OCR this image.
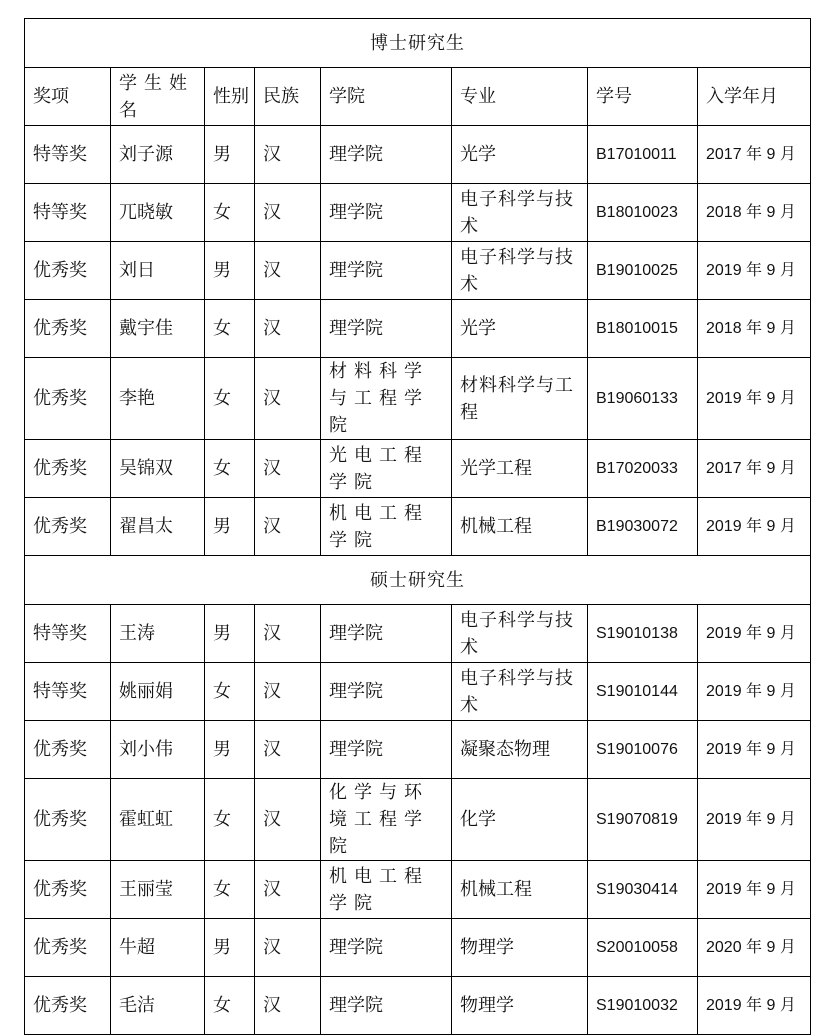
博士研究生							
奖项	学生姓名	性别	民族	学院	专业	学号	入学年月
特等奖	刘子源	男	汉	理学院	光学	B17010011	2017 年 9 月
特等奖	兀晓敏	女	汉	理学院	电子科学与技术	B18010023	2018 年 9 月
优秀奖	刘日	男	汉	理学院	电子科学与技术	B19010025	2019 年 9 月
优秀奖	戴宇佳	女	汉	理学院	光学	B18010015	2018 年 9 月
优秀奖	李艳	女	汉	材料科学与工程学院	材料科学与工程	B19060133	2019 年 9 月
优秀奖	吴锦双	女	汉	光电工程学院	光学工程	B17020033	2017 年 9 月
优秀奖	翟昌太	男	汉	机电工程学院	机械工程	B19030072	2019 年 9 月
硕士研究生							
特等奖	王涛	男	汉	理学院	电子科学与技术	S19010138	2019 年 9 月
特等奖	姚丽娟	女	汉	理学院	电子科学与技术	S19010144	2019 年 9 月
优秀奖	刘小伟	男	汉	理学院	凝聚态物理	S19010076	2019 年 9 月
优秀奖	霍虹虹	女	汉	化学与环境工程学院	化学	S19070819	2019 年 9 月
优秀奖	王丽莹	女	汉	机电工程学院	机械工程	S19030414	2019 年 9 月
优秀奖	牛超	男	汉	理学院	物理学	S20010058	2020 年 9 月
优秀奖	毛洁	女	汉	理学院	物理学	S19010032	2019 年 9 月
